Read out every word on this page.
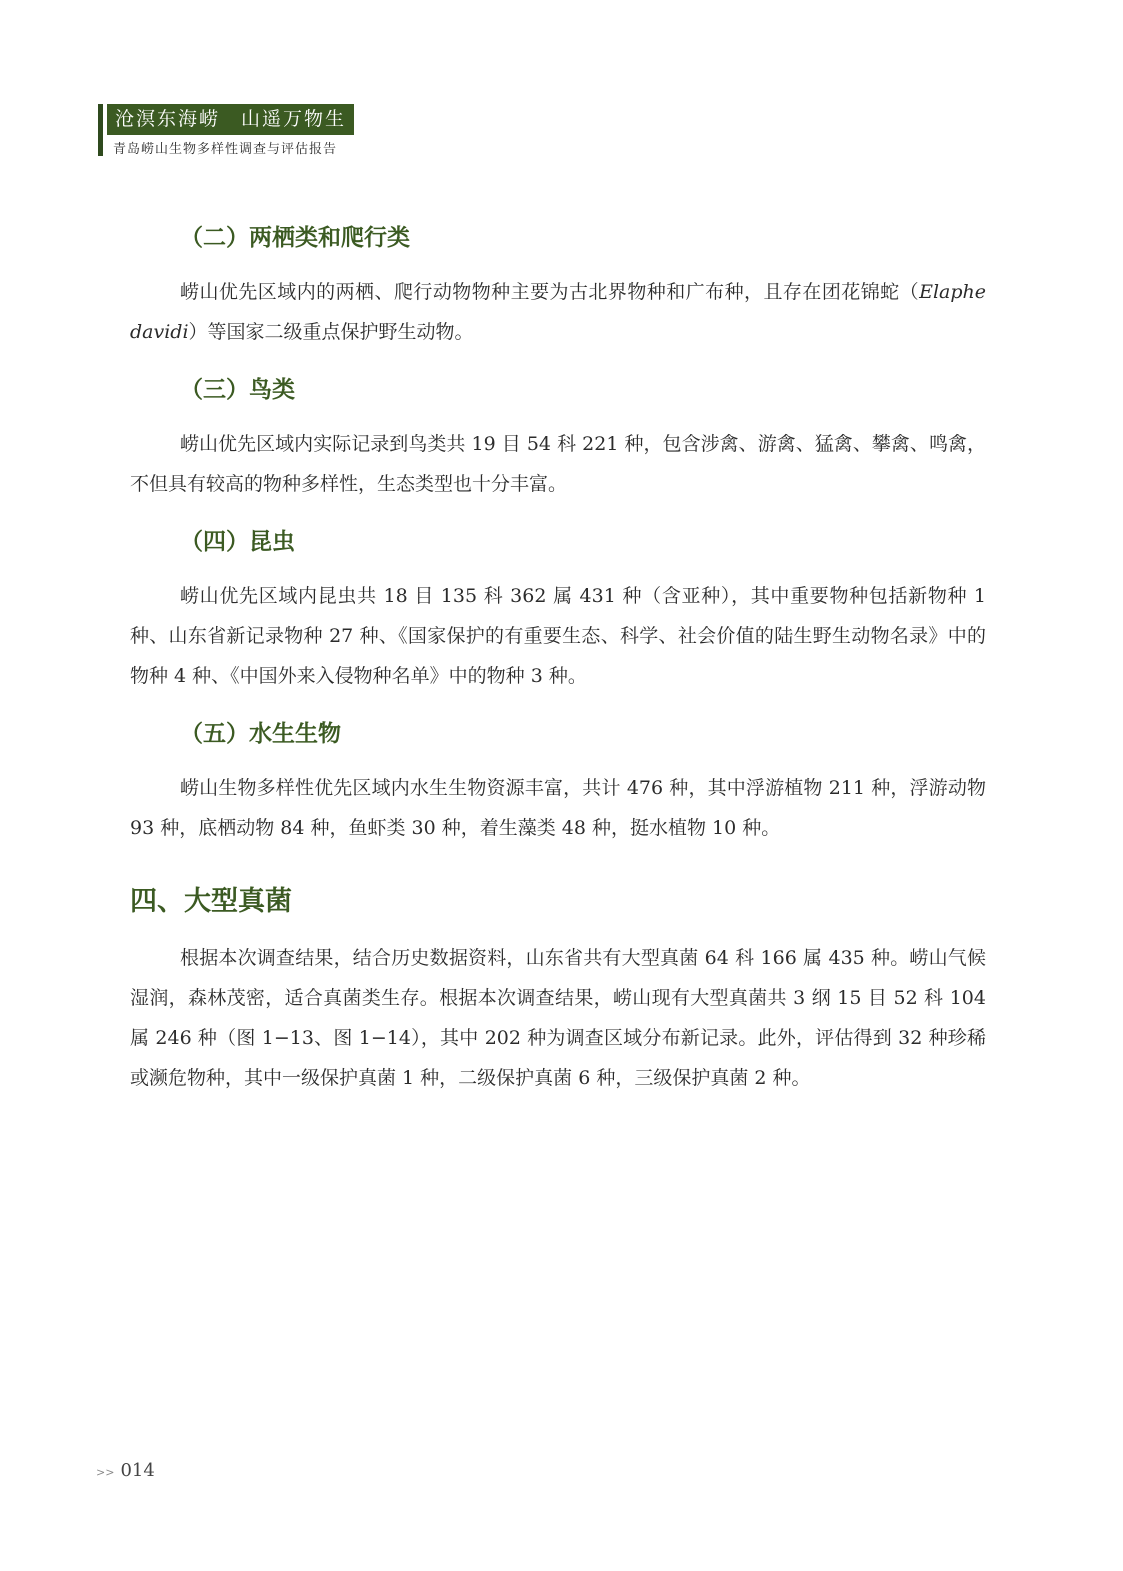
沧溟东海崂　山遥万物生
青岛崂山生物多样性调查与评估报告
（二）两栖类和爬行类

崂山优先区域内的两栖、爬行动物物种主要为古北界物种和广布种，且存在团花锦蛇（Elaphe davidi）等国家二级重点保护野生动物。

（三）鸟类

崂山优先区域内实际记录到鸟类共 19 目 54 科 221 种，包含涉禽、游禽、猛禽、攀禽、鸣禽，不但具有较高的物种多样性，生态类型也十分丰富。

（四）昆虫

崂山优先区域内昆虫共 18 目 135 科 362 属 431 种（含亚种），其中重要物种包括新物种 1 种、山东省新记录物种 27 种、《国家保护的有重要生态、科学、社会价值的陆生野生动物名录》中的物种 4 种、《中国外来入侵物种名单》中的物种 3 种。

（五）水生生物

崂山生物多样性优先区域内水生生物资源丰富，共计 476 种，其中浮游植物 211 种，浮游动物 93 种，底栖动物 84 种，鱼虾类 30 种，着生藻类 48 种，挺水植物 10 种。

四、大型真菌

根据本次调查结果，结合历史数据资料，山东省共有大型真菌 64 科 166 属 435 种。崂山气候湿润，森林茂密，适合真菌类生存。根据本次调查结果，崂山现有大型真菌共 3 纲 15 目 52 科 104 属 246 种（图 1−13、图 1−14），其中 202 种为调查区域分布新记录。此外，评估得到 32 种珍稀或濒危物种，其中一级保护真菌 1 种，二级保护真菌 6 种，三级保护真菌 2 种。

>> 014
